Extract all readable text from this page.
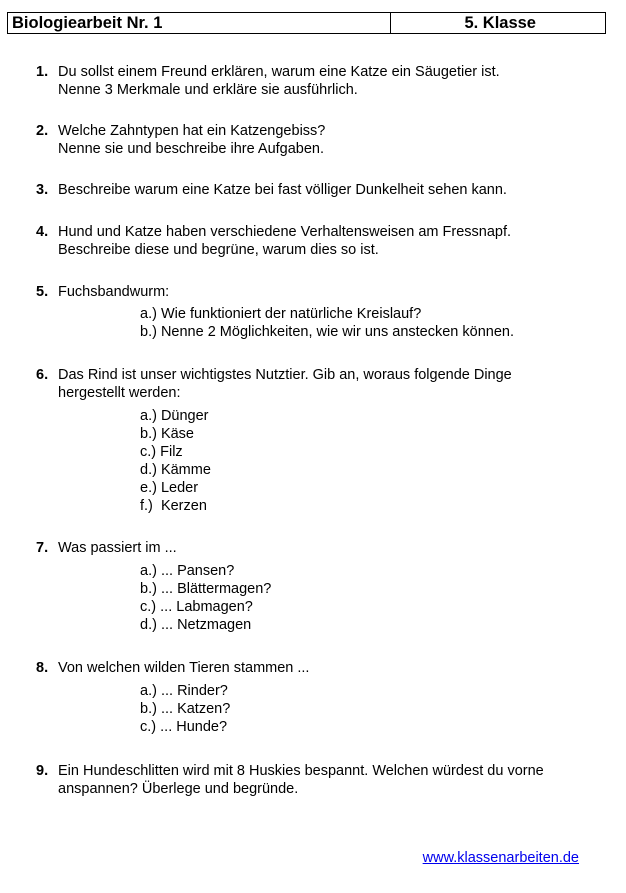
Biologiearbeit Nr. 1	5. Klasse
1. Du sollst einem Freund erklären, warum eine Katze ein Säugetier ist.
Nenne 3 Merkmale und erkläre sie ausführlich.
2. Welche Zahntypen hat ein Katzengebiss?
Nenne sie und beschreibe ihre Aufgaben.
3. Beschreibe warum eine Katze bei fast völliger Dunkelheit sehen kann.
4. Hund und Katze haben verschiedene Verhaltensweisen am Fressnapf.
Beschreibe diese und begrüne, warum dies so ist.
5. Fuchsbandwurm:
a.) Wie funktioniert der natürliche Kreislauf?
b.) Nenne 2 Möglichkeiten, wie wir uns anstecken können.
6. Das Rind ist unser wichtigstes Nutztier. Gib an, woraus folgende Dinge
hergestellt werden:
a.) Dünger
b.) Käse
c.) Filz
d.) Kämme
e.) Leder
f.)  Kerzen
7. Was passiert im ...
a.) ... Pansen?
b.) ... Blättermagen?
c.) ... Labmagen?
d.) ... Netzmagen
8. Von welchen wilden Tieren stammen ...
a.) ... Rinder?
b.) ... Katzen?
c.) ... Hunde?
9. Ein Hundeschlitten wird mit 8 Huskies bespannt. Welchen würdest du vorne
anspannen? Überlege und begründe.
www.klassenarbeiten.de
